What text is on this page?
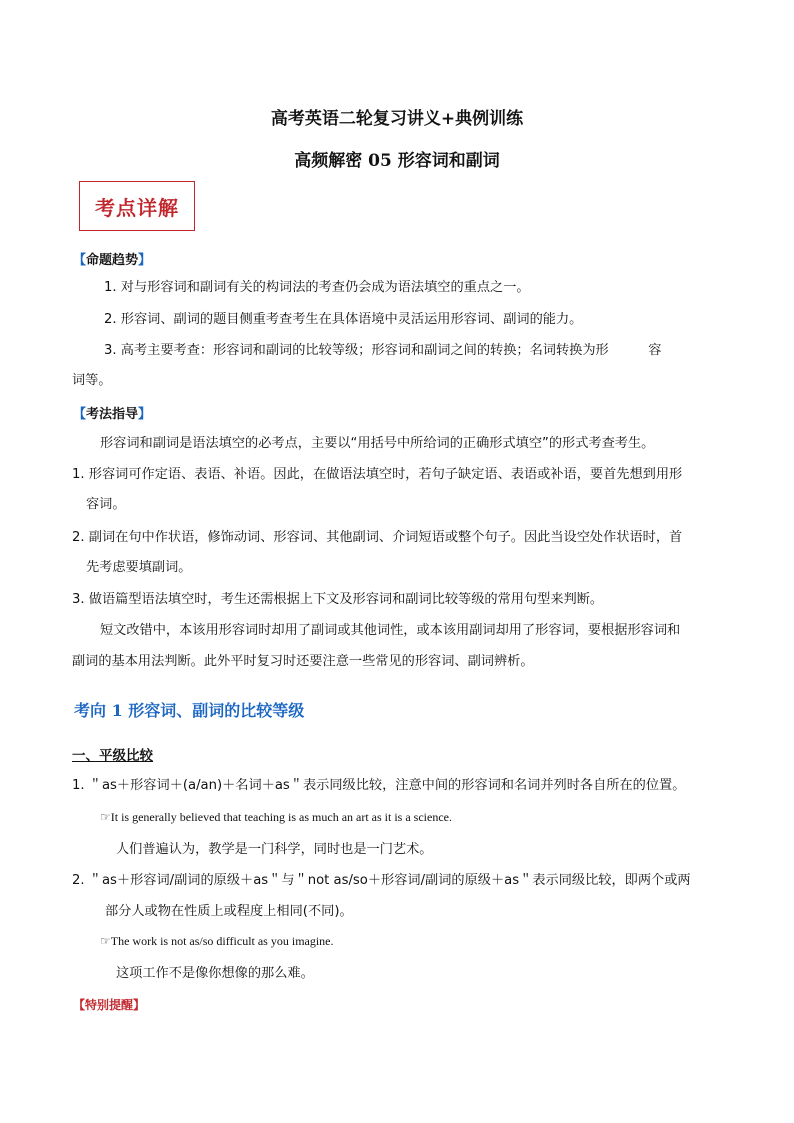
高考英语二轮复习讲义+典例训练
高频解密 05 形容词和副词
考点详解
【命题趋势】
1. 对与形容词和副词有关的构词法的考查仍会成为语法填空的重点之一。
2. 形容词、副词的题目侧重考查考生在具体语境中灵活运用形容词、副词的能力。
3. 高考主要考查：形容词和副词的比较等级；形容词和副词之间的转换；名词转换为形　　　容
词等。
【考法指导】
形容词和副词是语法填空的必考点，主要以“用括号中所给词的正确形式填空”的形式考查考生。
1. 形容词可作定语、表语、补语。因此，在做语法填空时，若句子缺定语、表语或补语，要首先想到用形
容词。
2. 副词在句中作状语，修饰动词、形容词、其他副词、介词短语或整个句子。因此当设空处作状语时，首
先考虑要填副词。
3. 做语篇型语法填空时，考生还需根据上下文及形容词和副词比较等级的常用句型来判断。
短文改错中，本该用形容词时却用了副词或其他词性，或本该用副词却用了形容词，要根据形容词和
副词的基本用法判断。此外平时复习时还要注意一些常见的形容词、副词辨析。
考向 1 形容词、副词的比较等级
一、平级比较
1. ＂as＋形容词＋(a/an)＋名词＋as＂表示同级比较，注意中间的形容词和名词并列时各自所在的位置。
☞It is generally believed that teaching is as much an art as it is a science.
人们普遍认为，教学是一门科学，同时也是一门艺术。
2. ＂as＋形容词/副词的原级＋as＂与＂not as/so＋形容词/副词的原级＋as＂表示同级比较，即两个或两
部分人或物在性质上或程度上相同(不同)。
☞The work is not as/so difficult as you imagine.
这项工作不是像你想像的那么难。
【特别提醒】
